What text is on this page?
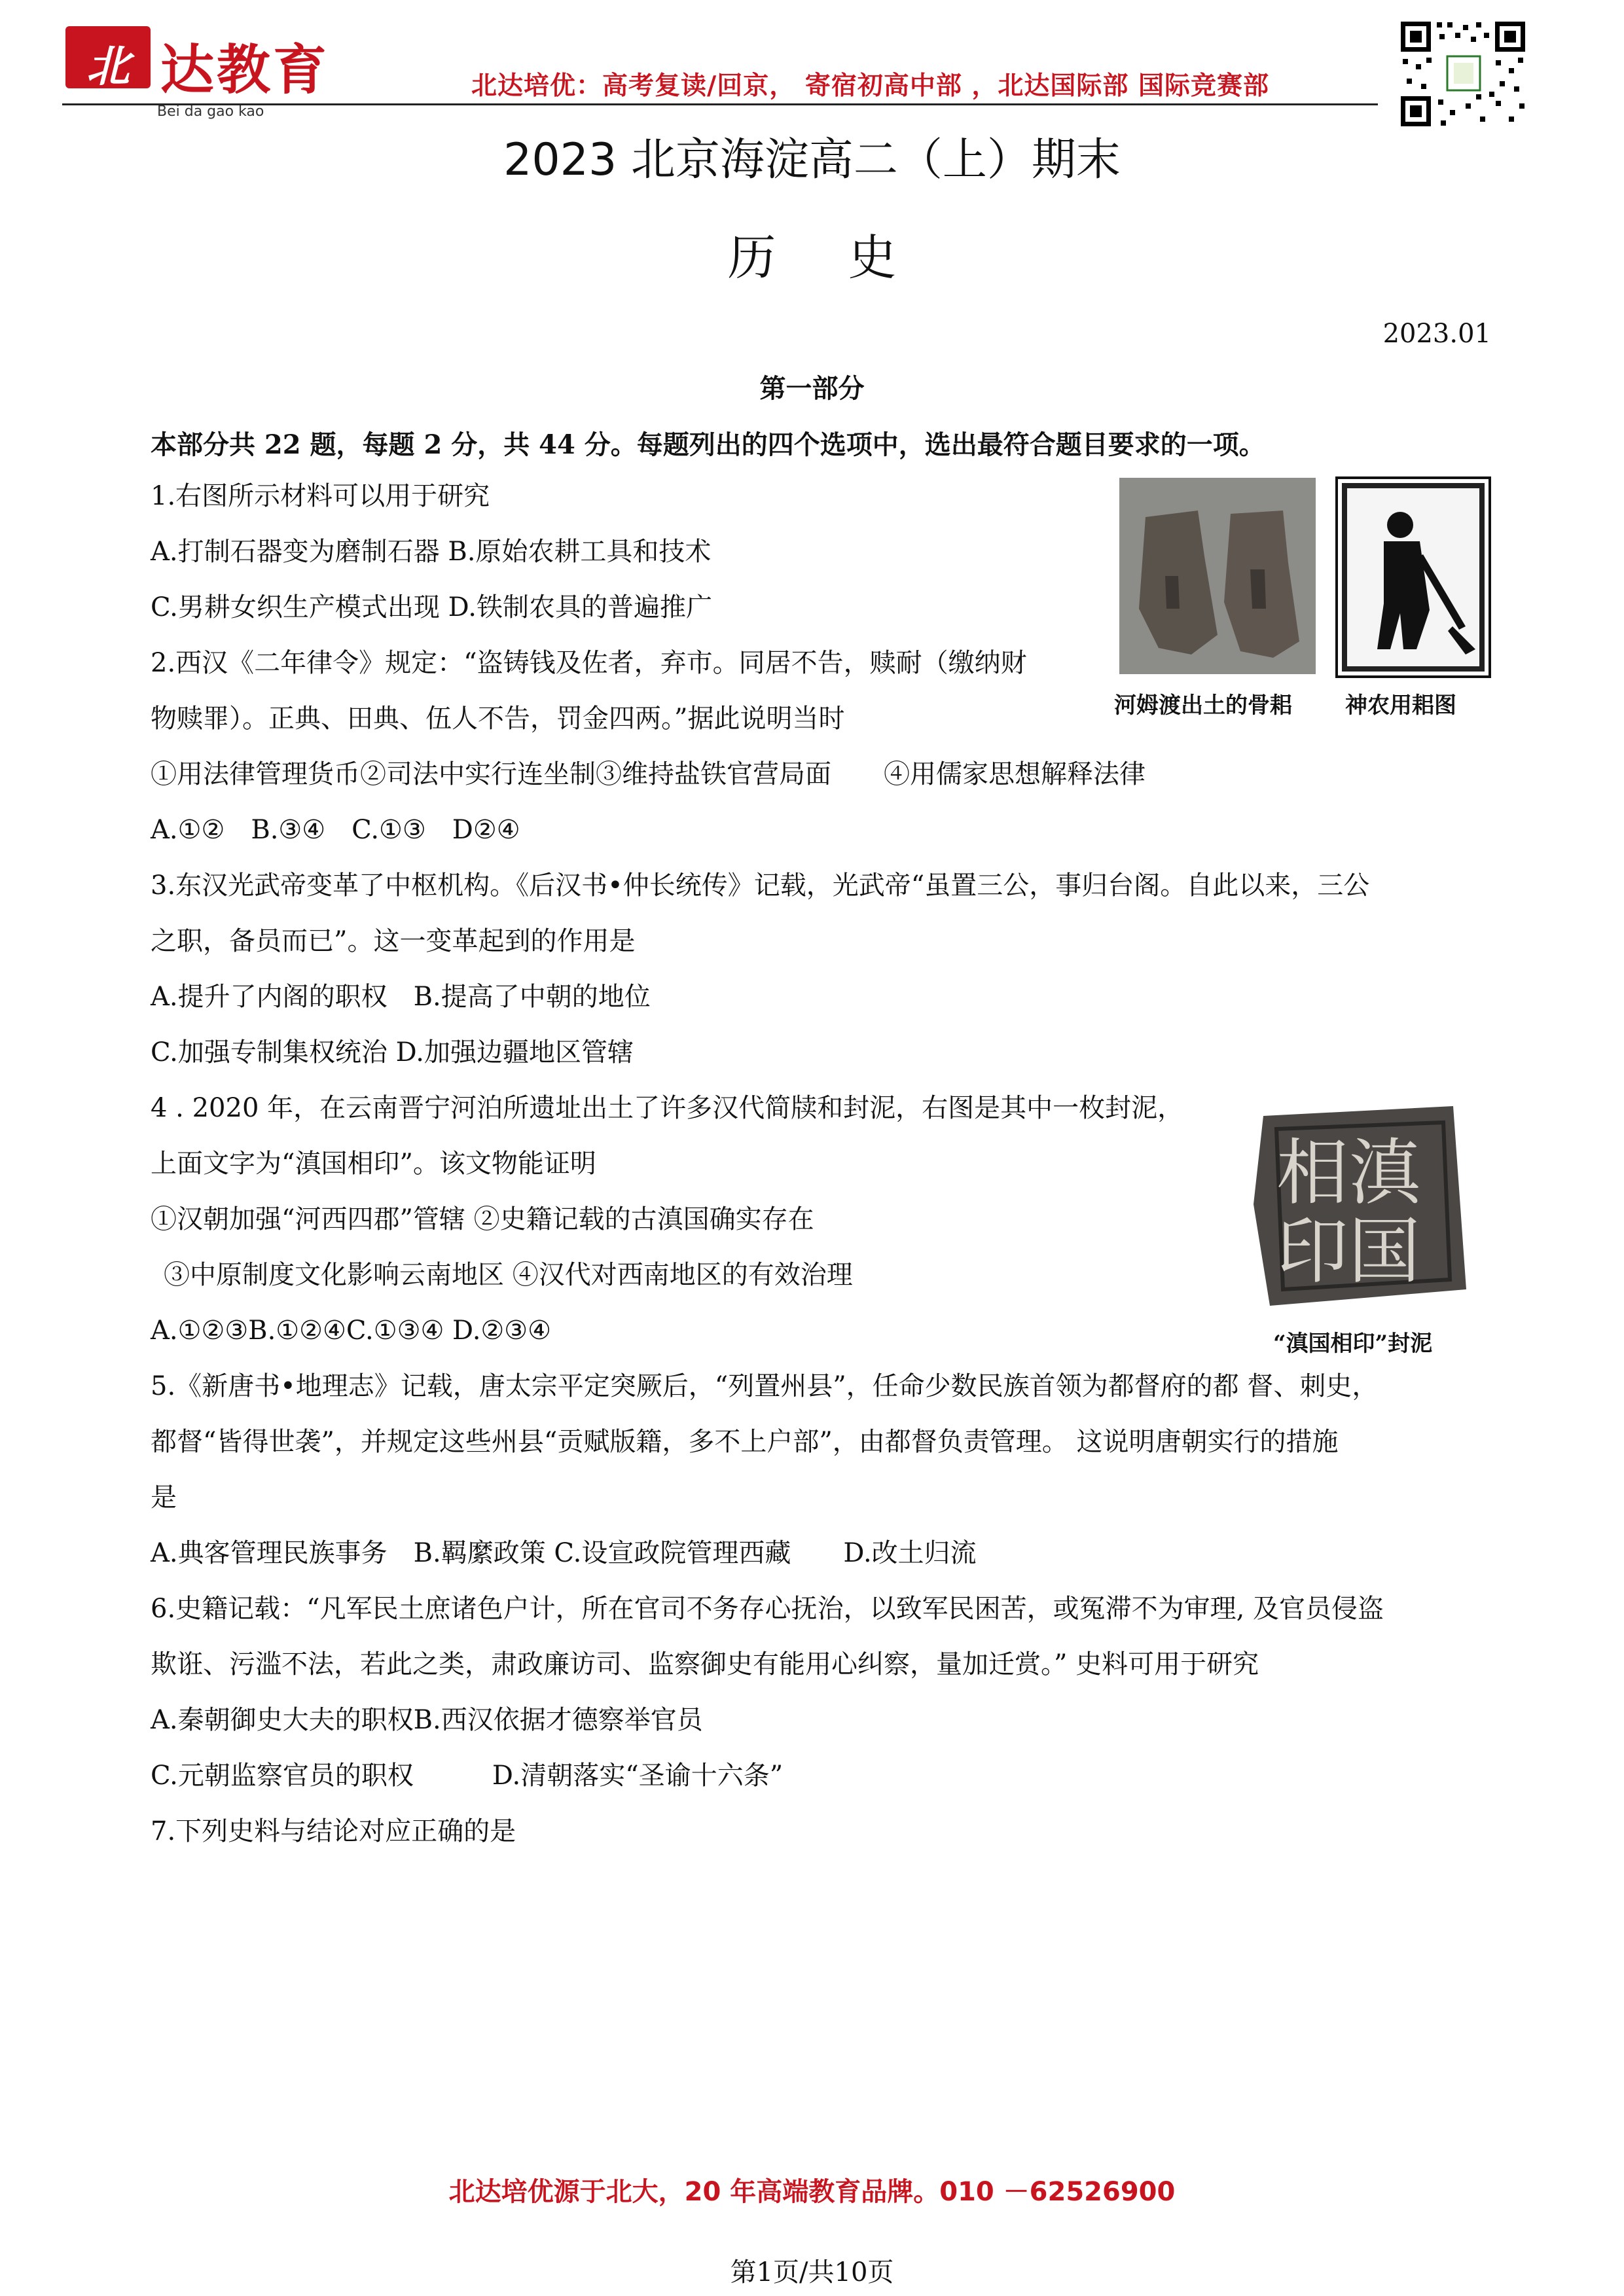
北 达教育
Bei da gao kao
北达培优：高考复读/回京， 寄宿初高中部 ，北达国际部 国际竞赛部
2023 北京海淀高二（上）期末
历史
2023.01
第一部分
本部分共 22 题，每题 2 分，共 44 分。每题列出的四个选项中，选出最符合题目要求的一项。
1.右图所示材料可以用于研究
A.打制石器变为磨制石器 B.原始农耕工具和技术
C.男耕女织生产模式出现 D.铁制农具的普遍推广
2.西汉《二年律令》规定：“盗铸钱及佐者，弃市。同居不告，赎耐（缴纳财
物赎罪）。正典、田典、伍人不告，罚金四两。”据此说明当时
①用法律管理货币②司法中实行连坐制③维持盐铁官营局面　　④用儒家思想解释法律
A.①②　B.③④　C.①③　D②④
3.东汉光武帝变革了中枢机构。《后汉书•仲长统传》记载，光武帝“虽置三公，事归台阁。自此以来，三公
之职，备员而已”。这一变革起到的作用是
A.提升了内阁的职权　B.提高了中朝的地位
C.加强专制集权统治 D.加强边疆地区管辖
4 . 2020 年，在云南晋宁河泊所遗址出土了许多汉代简牍和封泥，右图是其中一枚封泥，
上面文字为“滇国相印”。该文物能证明
①汉朝加强“河西四郡”管辖 ②史籍记载的古滇国确实存在
③中原制度文化影响云南地区 ④汉代对西南地区的有效治理
A.①②③B.①②④C.①③④ D.②③④
5.《新唐书•地理志》记载，唐太宗平定突厥后，“列置州县”，任命少数民族首领为都督府的都 督、刺史，
都督“皆得世袭”，并规定这些州县“贡赋版籍，多不上户部”，由都督负责管理。 这说明唐朝实行的措施
是
A.典客管理民族事务　B.羁縻政策 C.设宣政院管理西藏　　D.改土归流
6.史籍记载：“凡军民土庶诸色户计，所在官司不务存心抚治，以致军民困苦，或冤滞不为审理, 及官员侵盗
欺诳、污滥不法，若此之类，肃政廉访司、监察御史有能用心纠察，量加迁赏。” 史料可用于研究
A.秦朝御史大夫的职权B.西汉依据才德察举官员
C.元朝监察官员的职权　　　D.清朝落实“圣谕十六条”
7.下列史料与结论对应正确的是
河姆渡出土的骨耜 神农用耜图
滇
国
相
印
“滇国相印”封泥
北达培优源于北大，20 年高端教育品牌。010 －62526900
第1页/共10页
